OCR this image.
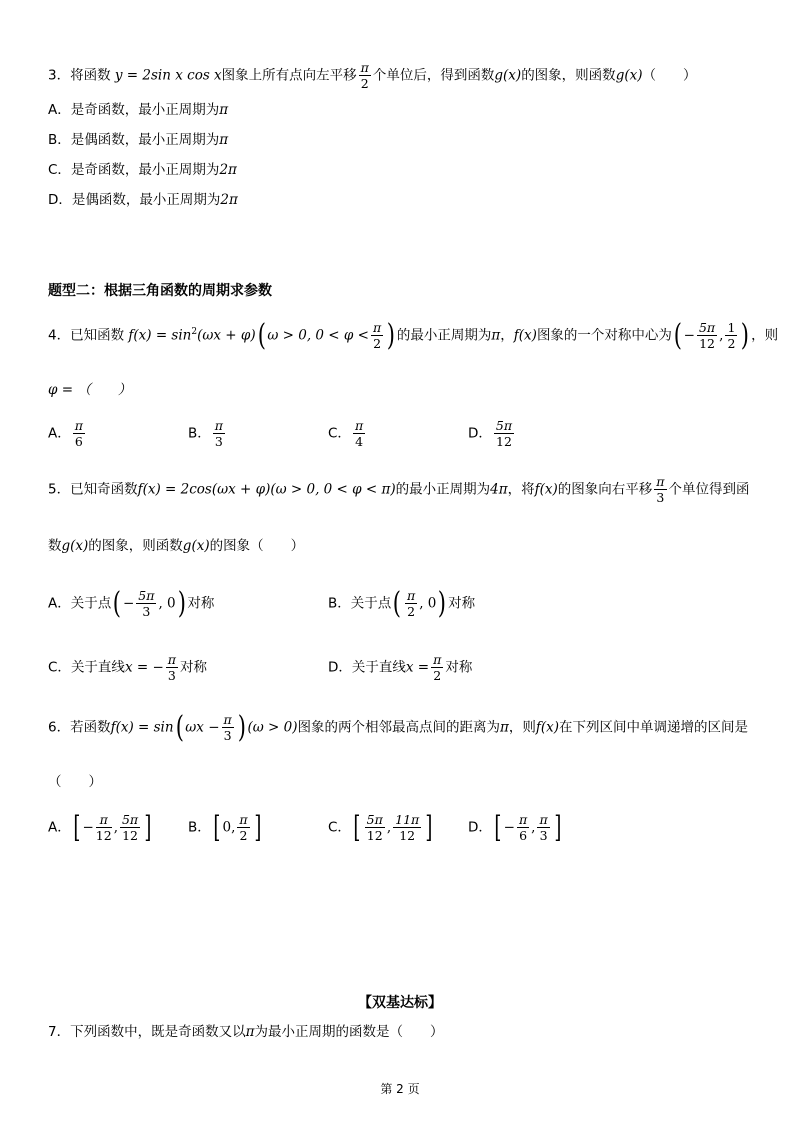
3．将函数 y = 2sin x cos x图象上所有点向左平移 $\frac{\pi}{2}$ 个单位后，得到函数g(x)的图象，则函数g(x)（　　）
A．是奇函数，最小正周期为π
B．是偶函数，最小正周期为π
C．是奇函数，最小正周期为2π
D．是偶函数，最小正周期为2π
题型二：根据三角函数的周期求参数
4．已知函数 $f(x) = \sin^2(\omega x + \varphi)$( ω > 0, $0 < \varphi < \frac{\pi}{2}$ ) 的最小正周期为π，f(x)图象的一个对称中心为( − $\frac{5\pi}{12}$ , $\frac{1}{2}$ ) ，则
φ = （　　）
A． $\frac{\pi}{6}$	B． $\frac{\pi}{3}$	C． $\frac{\pi}{4}$	D． $\frac{5\pi}{12}$
5．已知奇函数f(x) = 2cos(ωx + φ)(ω > 0, 0 < φ < π)的最小正周期为4π，将f(x)的图象向右平移 $\frac{\pi}{3}$ 个单位得到函
数g(x)的图象，则函数g(x)的图象（　　）
A．关于点( − $\frac{5\pi}{3}$ , 0) 对称	B．关于点( $\frac{\pi}{2}$ , 0) 对称
C．关于直线x = − $\frac{\pi}{3}$ 对称	D．关于直线$x = \frac{\pi}{2}$ 对称
6．若函数f(x) = sin( $\omega x - \frac{\pi}{3}$ ) (ω > 0)图象的两个相邻最高点间的距离为π，则f(x)在下列区间中单调递增的区间是
（　　）
A．[ − $\frac{\pi}{12}$ , $\frac{5\pi}{12}$ ]	B．[ 0, $\frac{\pi}{2}$ ]	C．[ $\frac{5\pi}{12}$ , $\frac{11\pi}{12}$ ]	D．[ − $\frac{\pi}{6}$ , $\frac{\pi}{3}$ ]
【双基达标】
7．下列函数中，既是奇函数又以π为最小正周期的函数是（　　）
第 2 页
